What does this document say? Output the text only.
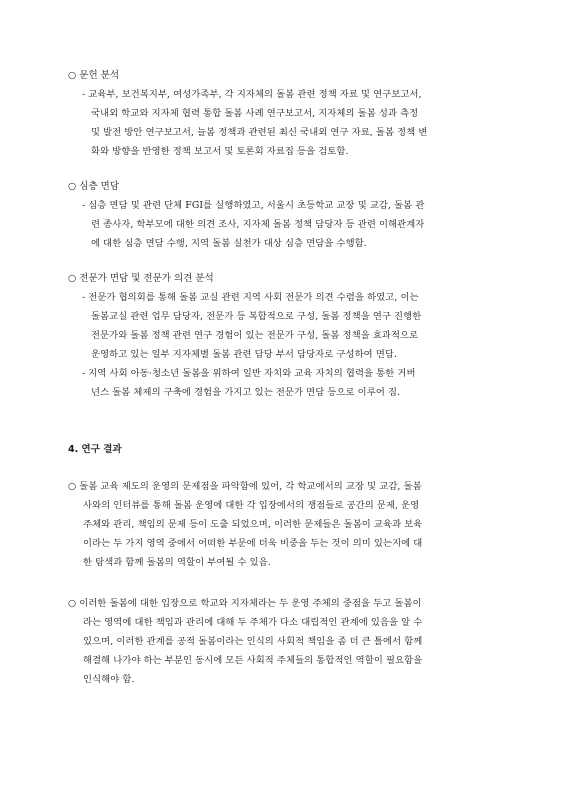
○ 문헌 분석
- 교육부, 보건복지부, 여성가족부, 각 지자체의 돌봄 관련 정책 자료 및 연구보고서,
국내외 학교와 지자체 협력 통합 돌봄 사례 연구보고서, 지자체의 돌봄 성과 측정
및 발전 방안 연구보고서, 늘봄 정책과 관련된 최신 국내외 연구 자료, 돌봄 정책 변
화와 방향을 반영한 정책 보고서 및 토론회 자료집 등을 검토함.
○ 심층 면담
- 심층 면담 및 관련 단체 FGI를 실행하였고, 서울시 초등학교 교장 및 교감, 돌봄 관
련 종사자, 학부모에 대한 의견 조사, 지자체 돌봄 정책 담당자 등 관련 이해관계자
에 대한 심층 면담 수행, 지역 돌봄 실천가 대상 심층 면담을 수행함.
○ 전문가 면담 및 전문가 의견 분석
- 전문가 협의회를 통해 돌봄 교실 관련 지역 사회 전문가 의견 수렴을 하였고, 이는
돌봄교실 관련 업무 담당자, 전문가 등 복합적으로 구성, 돌봄 정책을 연구 진행한
전문가와 돌봄 정책 관련 연구 경험이 있는 전문가 구성, 돌봄 정책을 효과적으로
운영하고 있는 일부 지자체별 돌봄 관련 담당 부서 담당자로 구성하여 면담.
- 지역 사회 아동·청소년 돌봄을 위하여 일반 자치와 교육 자치의 협력을 통한 거버
넌스 돌봄 체제의 구축에 경험을 가지고 있는 전문가 면담 등으로 이루어 짐.
4. 연구 결과
○ 돌봄 교육 제도의 운영의 문제점을 파악함에 있어, 각 학교에서의 교장 및 교감, 돌봄
사와의 인터뷰를 통해 돌봄 운영에 대한 각 입장에서의 쟁점들로 공간의 문제, 운영
주체와 관리, 책임의 문제 등이 도출 되었으며, 이러한 문제들은 돌봄이 교육과 보육
이라는 두 가지 영역 중에서 어떠한 부문에 더욱 비중을 두는 것이 의미 있는지에 대
한 탐색과 함께 돌봄의 역할이 부여될 수 있음.
○ 이러한 돌봄에 대한 입장으로 학교와 지자체라는 두 운영 주체의 중점을 두고 돌봄이
라는 영역에 대한 책임과 관리에 대해 두 주체가 다소 대립적인 관계에 있음을 알 수
있으며, 이러한 관계를 공적 돌봄이라는 인식의 사회적 책임을 좀 더 큰 틀에서 함께
해결해 나가야 하는 부분인 동시에 모든 사회적 주체들의 통합적인 역할이 필요함을
인식해야 함.
